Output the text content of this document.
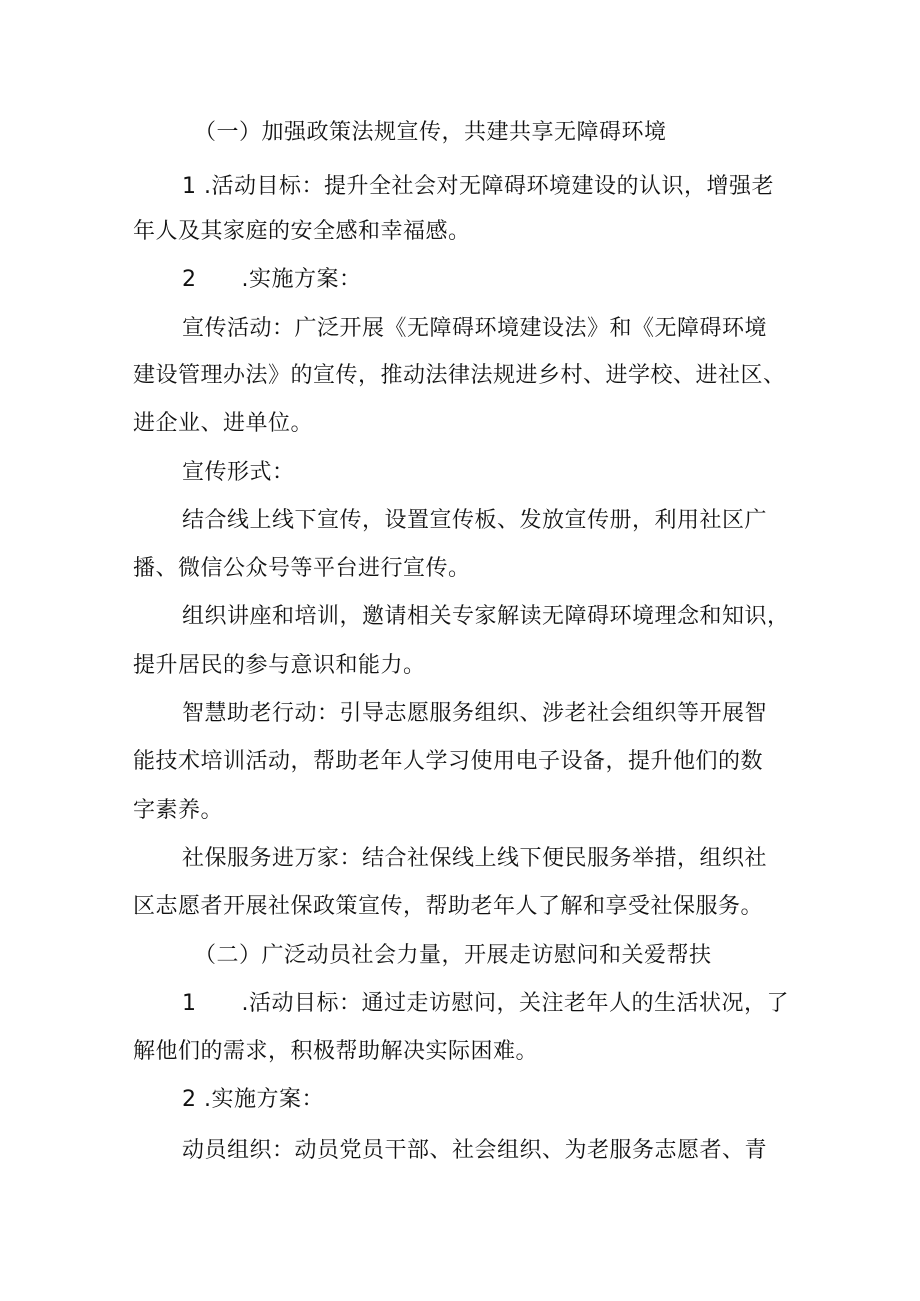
（一）加强政策法规宣传，共建共享无障碍环境
1 .活动目标：提升全社会对无障碍环境建设的认识，增强老
年人及其家庭的安全感和幸福感。
2　　.实施方案：
宣传活动：广泛开展《无障碍环境建设法》和《无障碍环境
建设管理办法》的宣传，推动法律法规进乡村、进学校、进社区、
进企业、进单位。
宣传形式：
结合线上线下宣传，设置宣传板、发放宣传册，利用社区广
播、微信公众号等平台进行宣传。
组织讲座和培训，邀请相关专家解读无障碍环境理念和知识，
提升居民的参与意识和能力。
智慧助老行动：引导志愿服务组织、涉老社会组织等开展智
能技术培训活动，帮助老年人学习使用电子设备，提升他们的数
字素养。
社保服务进万家：结合社保线上线下便民服务举措，组织社
区志愿者开展社保政策宣传，帮助老年人了解和享受社保服务。
（二）广泛动员社会力量，开展走访慰问和关爱帮扶
1　　.活动目标：通过走访慰问，关注老年人的生活状况，了
解他们的需求，积极帮助解决实际困难。
2 .实施方案：
动员组织：动员党员干部、社会组织、为老服务志愿者、青
